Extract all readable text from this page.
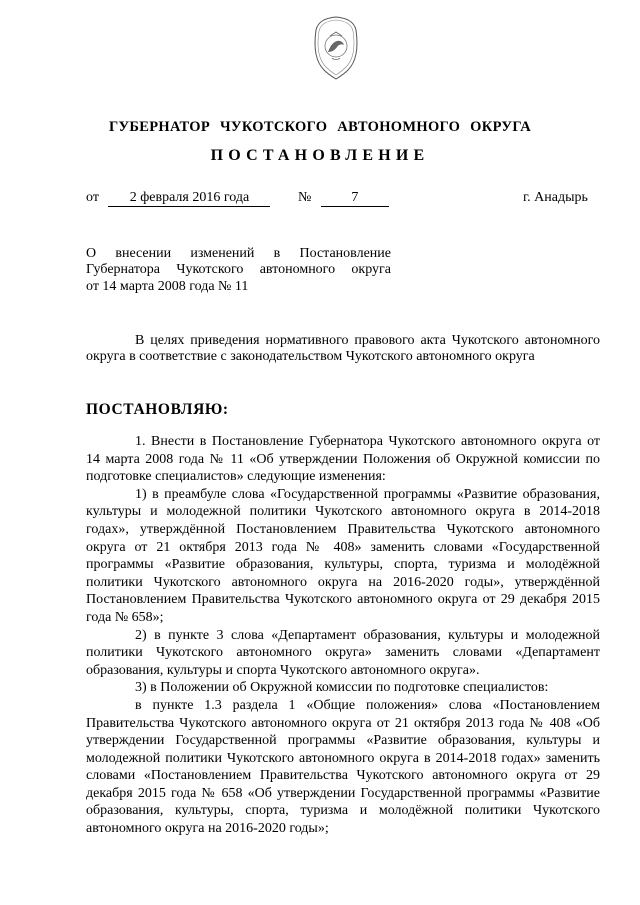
ГУБЕРНАТОР ЧУКОТСКОГО АВТОНОМНОГО ОКРУГА
ПОСТАНОВЛЕНИЕ
от 2 февраля 2016 года	№	7	г. Анадырь
О внесении изменений в Постановление
Губернатора Чукотского автономного округа
от 14 марта 2008 года № 11
В целях приведения нормативного правового акта Чукотского автономного округа в соответствие с законодательством Чукотского автономного округа
ПОСТАНОВЛЯЮ:

1. Внести в Постановление Губернатора Чукотского автономного округа от 14 марта 2008 года № 11 «Об утверждении Положения об Окружной комиссии по подготовке специалистов» следующие изменения:

1) в преамбуле слова «Государственной программы «Развитие образования, культуры и молодежной политики Чукотского автономного округа в 2014-2018 годах», утверждённой Постановлением Правительства Чукотского автономного округа от 21 октября 2013 года № 408» заменить словами «Государственной программы «Развитие образования, культуры, спорта, туризма и молодёжной политики Чукотского автономного округа на 2016-2020 годы», утверждённой Постановлением Правительства Чукотского автономного округа от 29 декабря 2015 года № 658»;

2) в пункте 3 слова «Департамент образования, культуры и молодежной политики Чукотского автономного округа» заменить словами «Департамент образования, культуры и спорта Чукотского автономного округа».

3) в Положении об Окружной комиссии по подготовке специалистов:

в пункте 1.3 раздела 1 «Общие положения» слова «Постановлением Правительства Чукотского автономного округа от 21 октября 2013 года № 408 «Об утверждении Государственной программы «Развитие образования, культуры и молодежной политики Чукотского автономного округа в 2014-2018 годах» заменить словами «Постановлением Правительства Чукотского автономного округа от 29 декабря 2015 года № 658 «Об утверждении Государственной программы «Развитие образования, культуры, спорта, туризма и молодёжной политики Чукотского автономного округа на 2016-2020 годы»;
